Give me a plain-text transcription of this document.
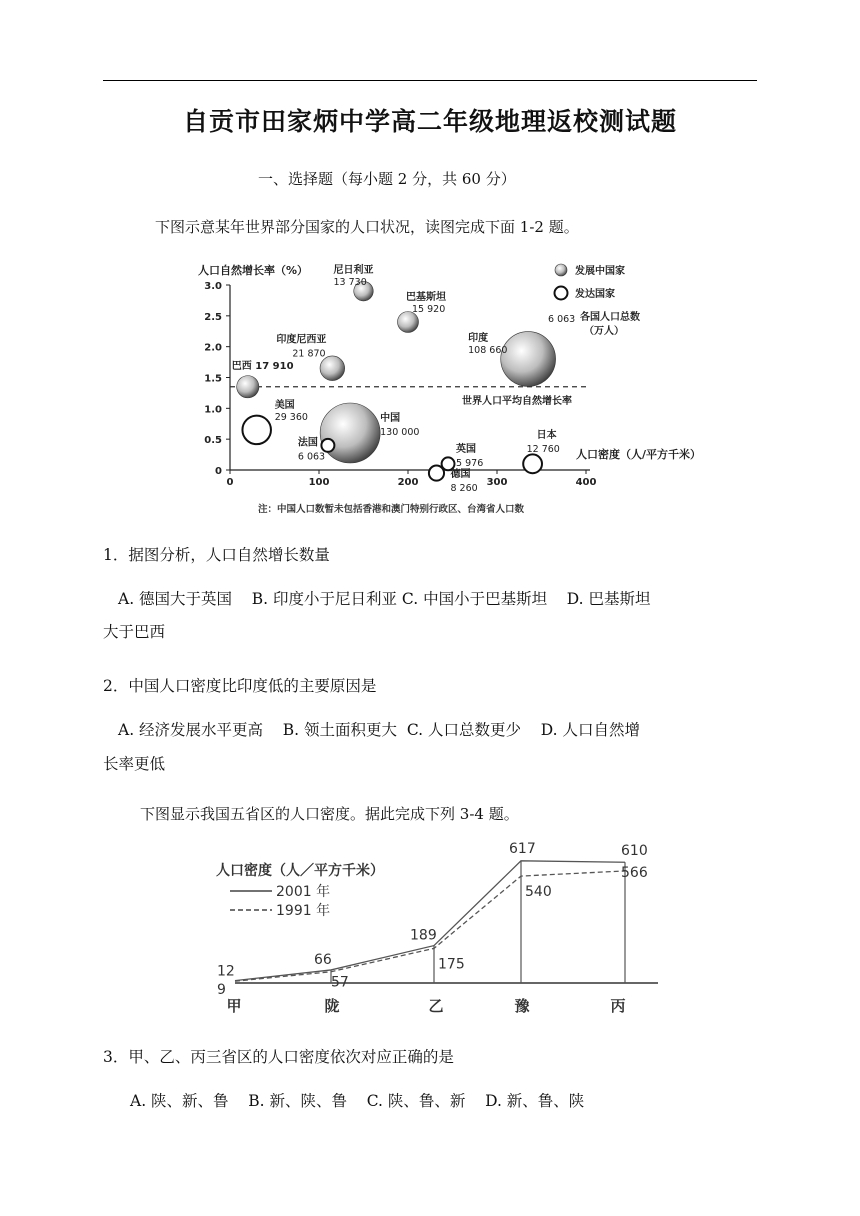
自贡市田家炳中学高二年级地理返校测试题
一、选择题（每小题 2 分，共 60 分）
下图示意某年世界部分国家的人口状况，读图完成下面 1-2 题。
人口自然增长率（%）
0
0.5
1.0
1.5
2.0
2.5
3.0
0	100	200	300	400
世界人口平均自然增长率
尼日利亚
13 730
巴基斯坦
15 920
印度尼西亚
21 870
印度
108 660
巴西 17 910
中国
130 000
美国
29 360
法国
6 063
英国
5 976
德国
8 260
日本
12 760
发展中国家
发达国家
6 063 各国人口总数
（万人）
人口密度（人/平方千米）
注：中国人口数暂未包括香港和澳门特别行政区、台湾省人口数
1．据图分析，人口自然增长数量
A. 德国大于英国    B. 印度小于尼日利亚 C. 中国小于巴基斯坦    D. 巴基斯坦
大于巴西
2．中国人口密度比印度低的主要原因是
A. 经济发展水平更高    B. 领土面积更大  C. 人口总数更少    D. 人口自然增
长率更低
下图显示我国五省区的人口密度。据此完成下列 3-4 题。
人口密度（人／平方千米）
2001 年
1991 年
12
66
189
617	610
9	57
175
540
566
甲	陇	乙	豫	丙
3．甲、乙、丙三省区的人口密度依次对应正确的是
A. 陕、新、鲁    B. 新、陕、鲁    C. 陕、鲁、新    D. 新、鲁、陕
